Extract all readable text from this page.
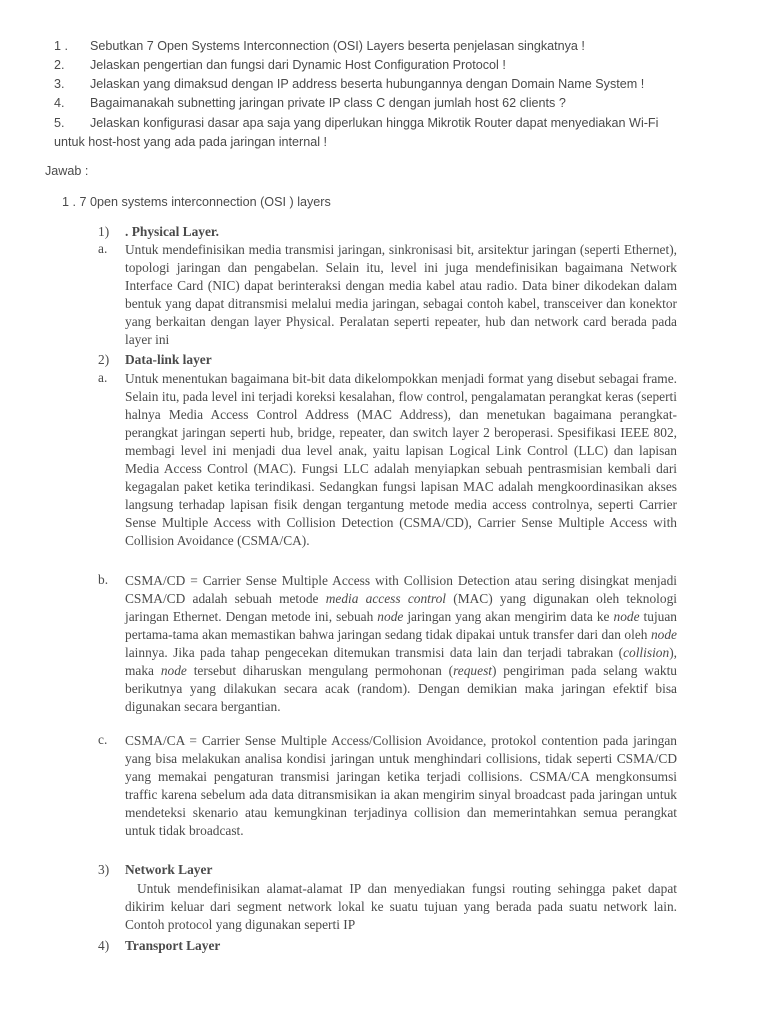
1 . Sebutkan 7 Open Systems Interconnection (OSI) Layers beserta penjelasan singkatnya !
2. Jelaskan pengertian dan fungsi dari Dynamic Host Configuration Protocol !
3. Jelaskan yang dimaksud dengan IP address beserta hubungannya dengan Domain Name System !
4. Bagaimanakah subnetting jaringan private IP class C dengan jumlah host 62 clients ?
5. Jelaskan konfigurasi dasar apa saja yang diperlukan hingga Mikrotik Router dapat menyediakan Wi-Fi
untuk host-host yang ada pada jaringan internal !
Jawab :
1 . 7 0pen systems interconnection (OSI ) layers
1) . Physical Layer.
a. Untuk mendefinisikan media transmisi jaringan, sinkronisasi bit, arsitektur jaringan (seperti Ethernet), topologi jaringan dan pengabelan. Selain itu, level ini juga mendefinisikan bagaimana Network Interface Card (NIC) dapat berinteraksi dengan media kabel atau radio. Data biner dikodekan dalam bentuk yang dapat ditransmisi melalui media jaringan, sebagai contoh kabel, transceiver dan konektor yang berkaitan dengan layer Physical. Peralatan seperti repeater, hub dan network card berada pada layer ini

2) Data-link layer
a. Untuk menentukan bagaimana bit-bit data dikelompokkan menjadi format yang disebut sebagai frame. Selain itu, pada level ini terjadi koreksi kesalahan, flow control, pengalamatan perangkat keras (seperti halnya Media Access Control Address (MAC Address), dan menetukan bagaimana perangkat-perangkat jaringan seperti hub, bridge, repeater, dan switch layer 2 beroperasi. Spesifikasi IEEE 802, membagi level ini menjadi dua level anak, yaitu lapisan Logical Link Control (LLC) dan lapisan Media Access Control (MAC). Fungsi LLC adalah menyiapkan sebuah pentrasmisian kembali dari kegagalan paket ketika terindikasi. Sedangkan fungsi lapisan MAC adalah mengkoordinasikan akses langsung terhadap lapisan fisik dengan tergantung metode media access controlnya, seperti Carrier Sense Multiple Access with Collision Detection (CSMA/CD), Carrier Sense Multiple Access with Collision Avoidance (CSMA/CA).

b. CSMA/CD = Carrier Sense Multiple Access with Collision Detection atau sering disingkat menjadi CSMA/CD adalah sebuah metode media access control (MAC) yang digunakan oleh teknologi jaringan Ethernet. Dengan metode ini, sebuah node jaringan yang akan mengirim data ke node tujuan pertama-tama akan memastikan bahwa jaringan sedang tidak dipakai untuk transfer dari dan oleh node lainnya. Jika pada tahap pengecekan ditemukan transmisi data lain dan terjadi tabrakan (collision), maka node tersebut diharuskan mengulang permohonan (request) pengiriman pada selang waktu berikutnya yang dilakukan secara acak (random). Dengan demikian maka jaringan efektif bisa digunakan secara bergantian.

c. CSMA/CA = Carrier Sense Multiple Access/Collision Avoidance, protokol contention pada jaringan yang bisa melakukan analisa kondisi jaringan untuk menghindari collisions, tidak seperti CSMA/CD yang memakai pengaturan transmisi jaringan ketika terjadi collisions. CSMA/CA mengkonsumsi traffic karena sebelum ada data ditransmisikan ia akan mengirim sinyal broadcast pada jaringan untuk mendeteksi skenario atau kemungkinan terjadinya collision dan memerintahkan semua perangkat untuk tidak broadcast.

3) Network Layer

Untuk mendefinisikan alamat-alamat IP dan menyediakan fungsi routing sehingga paket dapat dikirim keluar dari segment network lokal ke suatu tujuan yang berada pada suatu network lain. Contoh protocol yang digunakan seperti IP

4) Transport Layer
